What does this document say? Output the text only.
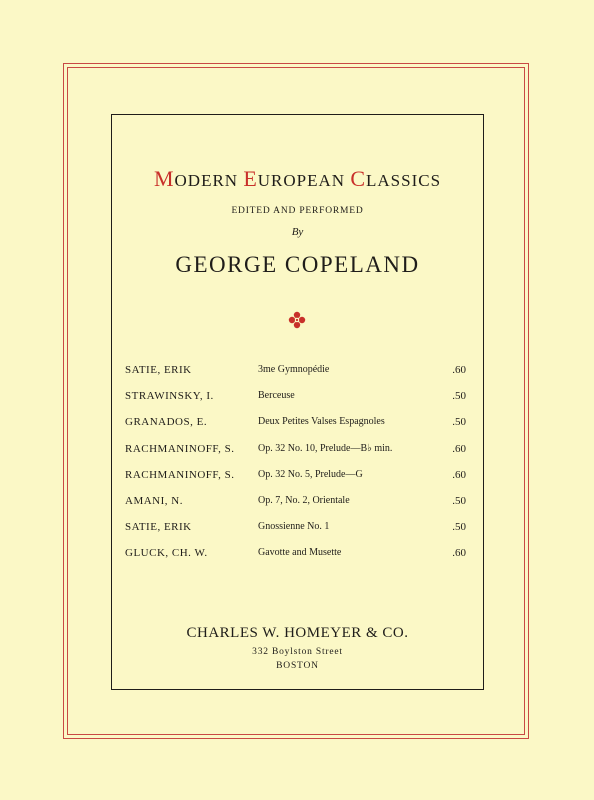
MODERN EUROPEAN CLASSICS
EDITED AND PERFORMED
By
GEORGE COPELAND
SATIE, ERIK	3me Gymnopédie	.60
STRAWINSKY, I.	Berceuse	.50
GRANADOS, E.	Deux Petites Valses Espagnoles	.50
RACHMANINOFF, S. Op. 32 No. 10, Prelude—B♭ min.	.60
RACHMANINOFF, S. Op. 32 No. 5, Prelude—G	.60
AMANI, N.	Op. 7, No. 2, Orientale	.50
SATIE, ERIK	Gnossienne No. 1	.50
GLUCK, CH. W.	Gavotte and Musette	.60
CHARLES W. HOMEYER & CO.
332 Boylston Street
BOSTON
